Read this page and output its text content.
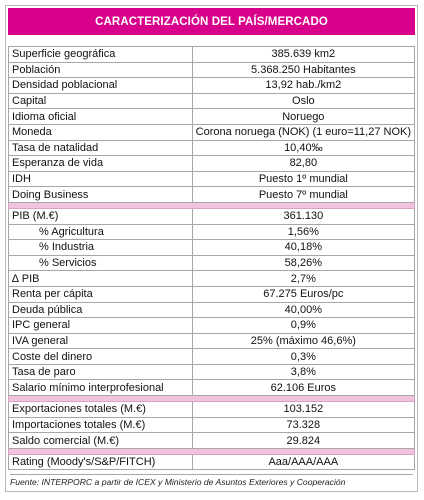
CARACTERIZACIÓN DEL PAÍS/MERCADO
Superficie geográfica	385.639 km2
Población	5.368.250 Habitantes
Densidad poblacional	13,92 hab./km2
Capital	Oslo
Idioma oficial	Noruego
Moneda	Corona noruega (NOK) (1 euro=11,27 NOK)
Tasa de natalidad	10,40‰
Esperanza de vida	82,80
IDH	Puesto 1º mundial
Doing Business	Puesto 7º mundial

PIB (M.€)	361.130
% Agricultura	1,56%
% Industria	40,18%
% Servicios	58,26%
∆ PIB	2,7%
Renta per cápita	67.275 Euros/pc
Deuda pública	40,00%
IPC general	0,9%
IVA general	25% (máximo 46,6%)
Coste del dinero	0,3%
Tasa de paro	3,8%
Salario mínimo interprofesional	62.106 Euros

Exportaciones totales (M.€)	103.152
Importaciones totales (M.€)	73.328
Saldo comercial (M.€)	29.824

Rating (Moody's/S&P/FITCH)	Aaa/AAA/AAA
Fuente: INTERPORC a partir de ICEX y Ministerio de Asuntos Exteriores y Cooperación
